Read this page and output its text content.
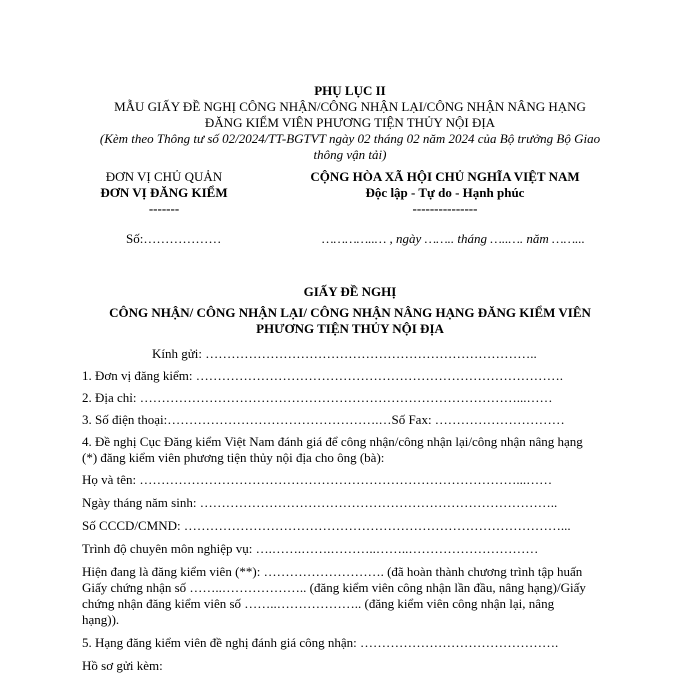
PHỤ LỤC II
MẪU GIẤY ĐỀ NGHỊ CÔNG NHẬN/CÔNG NHẬN LẠI/CÔNG NHẬN NÂNG HẠNG
ĐĂNG KIỂM VIÊN PHƯƠNG TIỆN THỦY NỘI ĐỊA
(Kèm theo Thông tư số 02/2024/TT-BGTVT ngày 02 tháng 02 năm 2024 của Bộ trưởng Bộ Giao
thông vận tải)
ĐƠN VỊ CHỦ QUẢN
ĐƠN VỊ ĐĂNG KIỂM
-------
Số:………………
CỘNG HÒA XÃ HỘI CHỦ NGHĨA VIỆT NAM
Độc lập - Tự do - Hạnh phúc
---------------
…………..… , ngày …….. tháng …..…. năm ……...
GIẤY ĐỀ NGHỊ
CÔNG NHẬN/ CÔNG NHẬN LẠI/ CÔNG NHẬN NÂNG HẠNG ĐĂNG KIỂM VIÊN
PHƯƠNG TIỆN THỦY NỘI ĐỊA
Kính gửi: …………………………………………………………………..
1. Đơn vị đăng kiểm: ………………………………………………………………………….
2. Địa chỉ: ……………………………………………………………………………...……
3. Số điện thoại:………………………………………….…Số Fax: …………………………
4. Đề nghị Cục Đăng kiểm Việt Nam đánh giá để công nhận/công nhận lại/công nhận nâng hạng
(*) đăng kiểm viên phương tiện thủy nội địa cho ông (bà):
Họ và tên: ……………………………………………………………………………...……
Ngày tháng năm sinh: ………………………………………………………………………..
Số CCCD/CMND: ……………………………………………………………………………...
Trình độ chuyên môn nghiệp vụ: ….…….…….………..……..…………………………
Hiện đang là đăng kiểm viên (**): ………………………. (đã hoàn thành chương trình tập huấn
Giấy chứng nhận số ……..……………….. (đăng kiểm viên công nhận lần đầu, nâng hạng)/Giấy
chứng nhận đăng kiểm viên số ……..……………….. (đăng kiểm viên công nhận lại, nâng
hạng)).
5. Hạng đăng kiểm viên đề nghị đánh giá công nhận: ……………………………………….
Hồ sơ gửi kèm:
